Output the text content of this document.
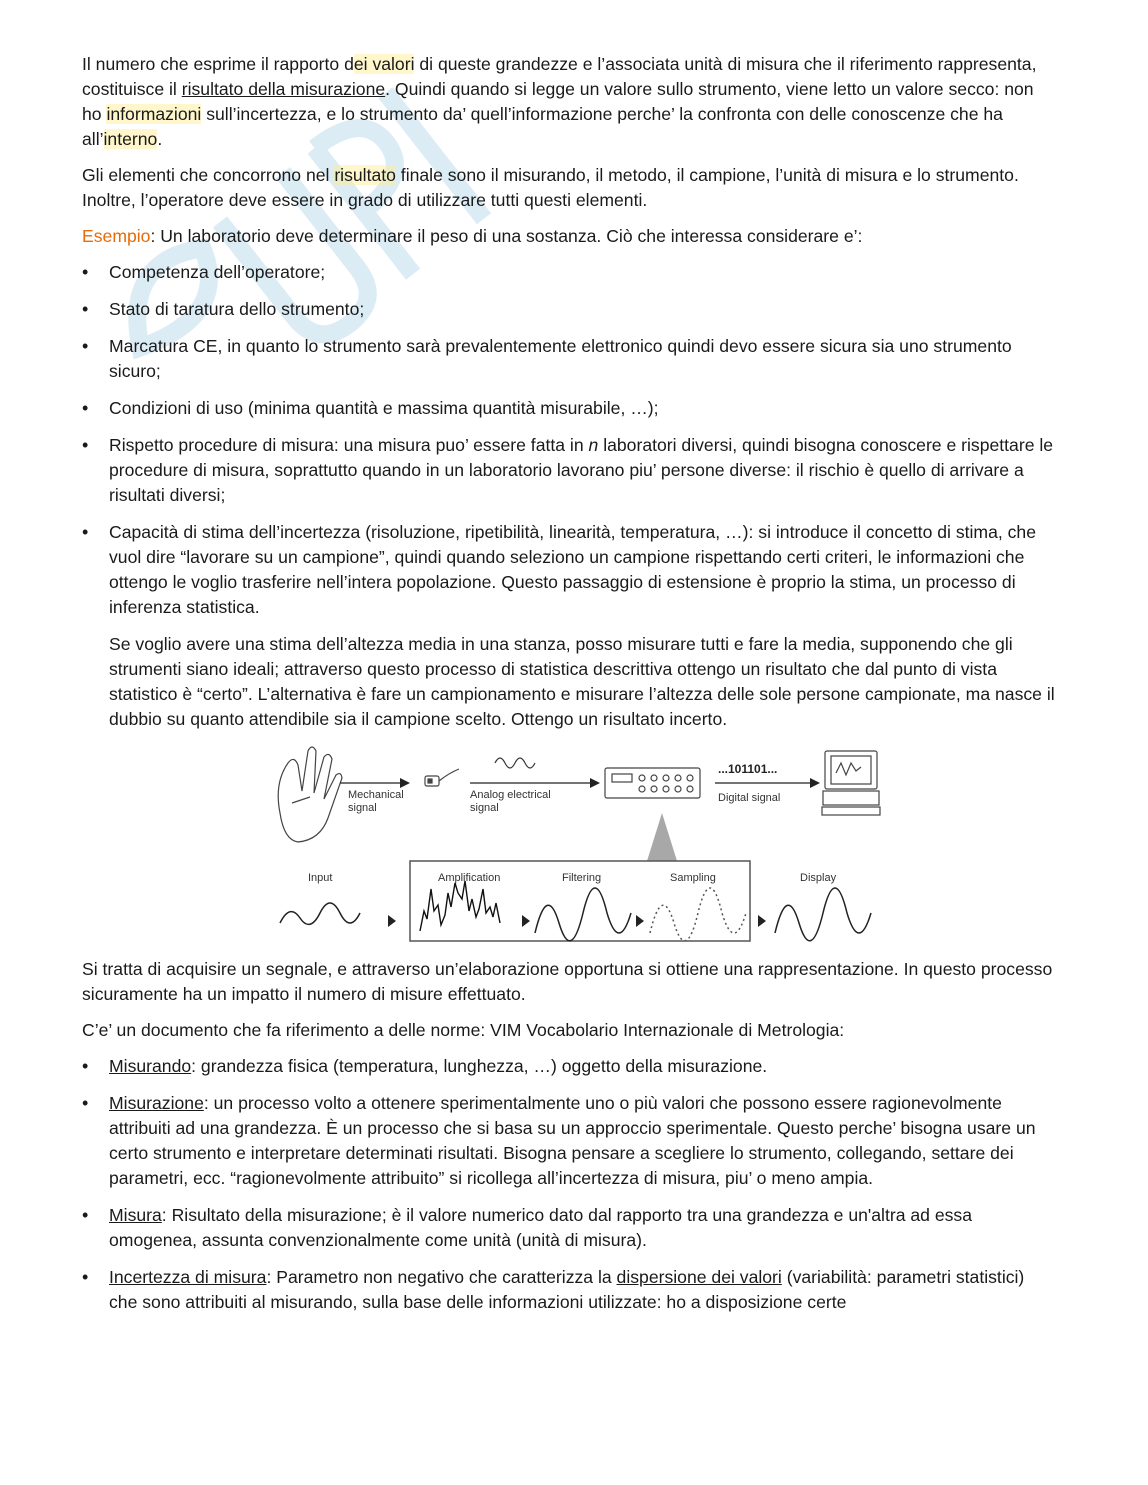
Il numero che esprime il rapporto dei valori di queste grandezze e l’associata unità di misura che il riferimento rappresenta, costituisce il risultato della misurazione. Quindi quando si legge un valore sullo strumento, viene letto un valore secco: non ho informazioni sull’incertezza, e lo strumento da’ quell’informazione perche’ la confronta con delle conoscenze che ha all’interno.

Gli elementi che concorrono nel risultato finale sono il misurando, il metodo, il campione, l’unità di misura e lo strumento. Inoltre, l’operatore deve essere in grado di utilizzare tutti questi elementi.

Esempio: Un laboratorio deve determinare il peso di una sostanza. Ciò che interessa considerare e’:

• Competenza dell’operatore;
• Stato di taratura dello strumento;
• Marcatura CE, in quanto lo strumento sarà prevalentemente elettronico quindi devo essere sicura sia uno strumento sicuro;
• Condizioni di uso (minima quantità e massima quantità misurabile, …);
• Rispetto procedure di misura: una misura puo’ essere fatta in n laboratori diversi, quindi bisogna conoscere e rispettare le procedure di misura, soprattutto quando in un laboratorio lavorano piu’ persone diverse: il rischio è quello di arrivare a risultati diversi;
• Capacità di stima dell’incertezza (risoluzione, ripetibilità, linearità, temperatura, …): si introduce il concetto di stima, che vuol dire “lavorare su un campione”, quindi quando seleziono un campione rispettando certi criteri, le informazioni che ottengo le voglio trasferire nell’intera popolazione. Questo passaggio di estensione è proprio la stima, un processo di inferenza statistica.

Se voglio avere una stima dell’altezza media in una stanza, posso misurare tutti e fare la media, supponendo che gli strumenti siano ideali; attraverso questo processo di statistica descrittiva ottengo un risultato che dal punto di vista statistico è “certo”. L’alternativa è fare un campionamento e misurare l’altezza delle sole persone campionate, ma nasce il dubbio su quanto attendibile sia il campione scelto. Ottengo un risultato incerto.

Mechanical
signal
Analog electrical
signal
...101101...
Digital signal
Input	Amplification	Filtering	Sampling	Display

Si tratta di acquisire un segnale, e attraverso un’elaborazione opportuna si ottiene una rappresentazione. In questo processo sicuramente ha un impatto il numero di misure effettuato.

C’e’ un documento che fa riferimento a delle norme: VIM Vocabolario Internazionale di Metrologia:

• Misurando: grandezza fisica (temperatura, lunghezza, …) oggetto della misurazione.
• Misurazione: un processo volto a ottenere sperimentalmente uno o più valori che possono essere ragionevolmente attribuiti ad una grandezza. È un processo che si basa su un approccio sperimentale. Questo perche’ bisogna usare un certo strumento e interpretare determinati risultati. Bisogna pensare a scegliere lo strumento, collegando, settare dei parametri, ecc. “ragionevolmente attribuito” si ricollega all’incertezza di misura, piu’ o meno ampia.
• Misura: Risultato della misurazione; è il valore numerico dato dal rapporto tra una grandezza e un'altra ad essa omogenea, assunta convenzionalmente come unità (unità di misura).
• Incertezza di misura: Parametro non negativo che caratterizza la dispersione dei valori (variabilità: parametri statistici) che sono attribuiti al misurando, sulla base delle informazioni utilizzate: ho a disposizione certe
